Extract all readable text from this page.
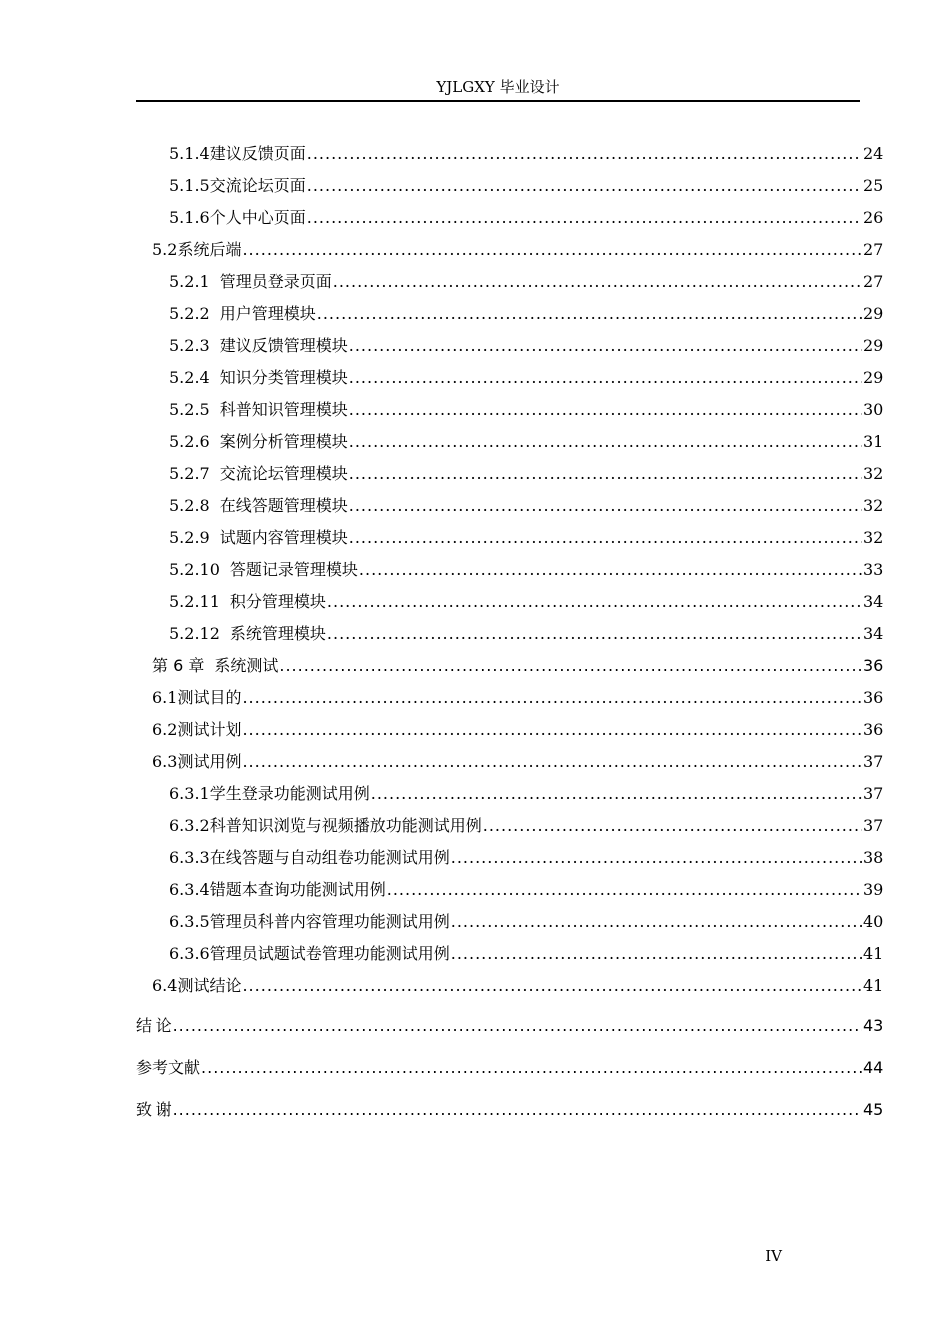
YJLGXY 毕业设计
5.1.4 建议反馈页面 .....	24
5.1.5 交流论坛页面 .....	25
5.1.6 个人中心页面 .....	26
5.2 系统后端 .....	27
5.2.1 管理员登录页面 .....	27
5.2.2 用户管理模块 .....	29
5.2.3 建议反馈管理模块 .....	29
5.2.4 知识分类管理模块 .....	29
5.2.5 科普知识管理模块 .....	30
5.2.6 案例分析管理模块 .....	31
5.2.7 交流论坛管理模块 .....	32
5.2.8 在线答题管理模块 .....	32
5.2.9 试题内容管理模块 .....	32
5.2.10 答题记录管理模块 .....	33
5.2.11 积分管理模块 .....	34
5.2.12 系统管理模块 .....	34
第 6 章 系统测试 .....	36
6.1 测试目的 .....	36
6.2 测试计划 .....	36
6.3 测试用例 .....	37
6.3.1 学生登录功能测试用例 .....	37
6.3.2 科普知识浏览与视频播放功能测试用例 .....	37
6.3.3 在线答题与自动组卷功能测试用例 .....	38
6.3.4 错题本查询功能测试用例 .....	39
6.3.5 管理员科普内容管理功能测试用例 .....	40
6.3.6 管理员试题试卷管理功能测试用例 .....	41
6.4 测试结论 .....	41
结 论 .....	43
参考文献 .....	44
致 谢 .....	45
IV
